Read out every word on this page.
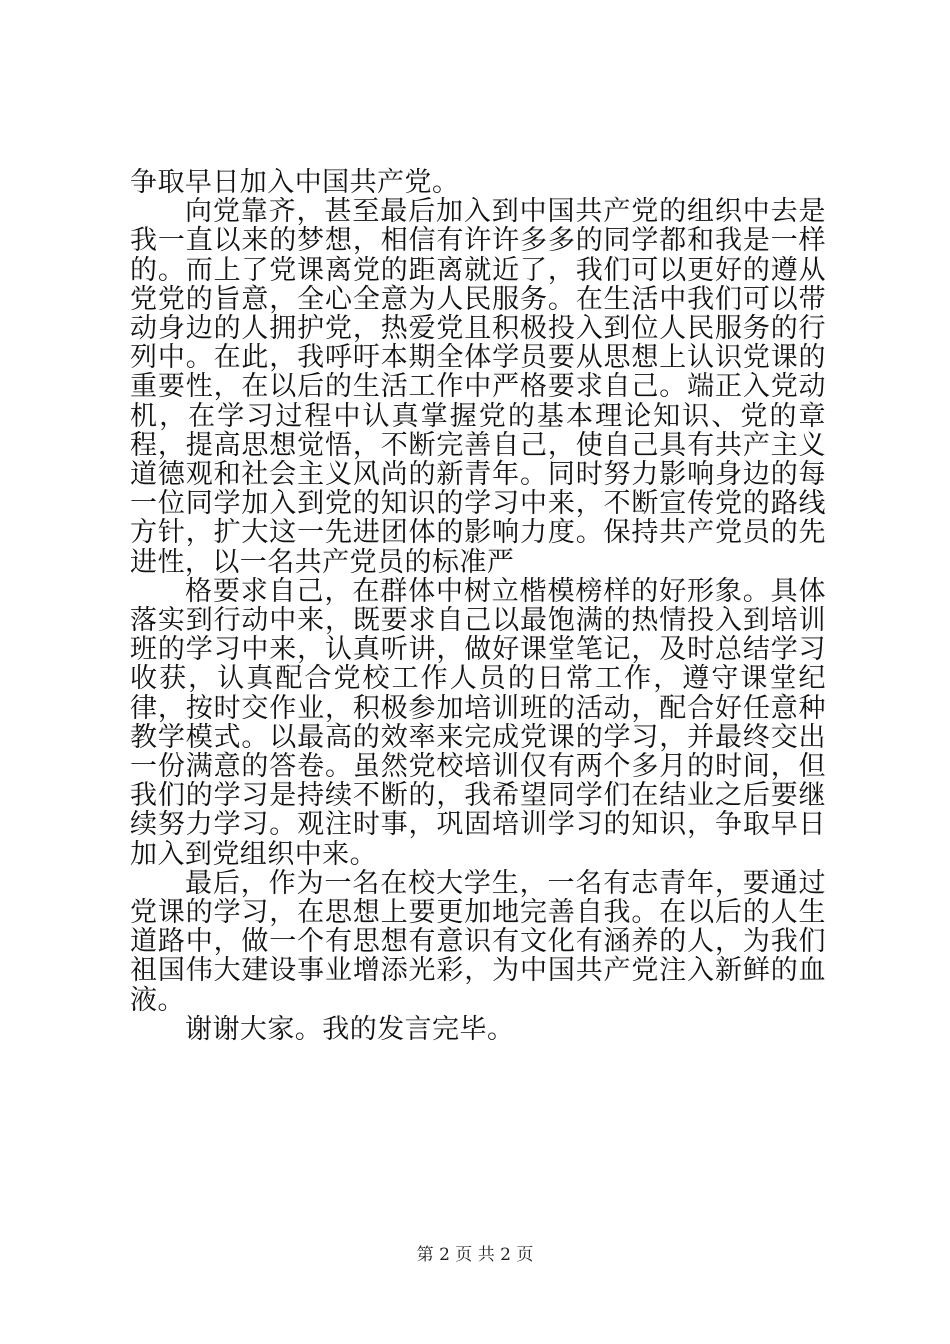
争取早日加入中国共产党。

向党靠齐，甚至最后加入到中国共产党的组织中去是我一直以来的梦想，相信有许许多多的同学都和我是一样的。而上了党课离党的距离就近了，我们可以更好的遵从党党的旨意，全心全意为人民服务。在生活中我们可以带动身边的人拥护党，热爱党且积极投入到位人民服务的行列中。在此，我呼吁本期全体学员要从思想上认识党课的重要性，在以后的生活工作中严格要求自己。端正入党动机，在学习过程中认真掌握党的基本理论知识、党的章程，提高思想觉悟，不断完善自己，使自己具有共产主义道德观和社会主义风尚的新青年。同时努力影响身边的每一位同学加入到党的知识的学习中来，不断宣传党的路线方针，扩大这一先进团体的影响力度。保持共产党员的先进性，以一名共产党员的标准严

格要求自己，在群体中树立楷模榜样的好形象。具体落实到行动中来，既要求自己以最饱满的热情投入到培训班的学习中来，认真听讲，做好课堂笔记，及时总结学习收获，认真配合党校工作人员的日常工作，遵守课堂纪律，按时交作业，积极参加培训班的活动，配合好任意种教学模式。以最高的效率来完成党课的学习，并最终交出一份满意的答卷。虽然党校培训仅有两个多月的时间，但我们的学习是持续不断的，我希望同学们在结业之后要继续努力学习。观注时事，巩固培训学习的知识，争取早日加入到党组织中来。

最后，作为一名在校大学生，一名有志青年，要通过党课的学习，在思想上要更加地完善自我。在以后的人生道路中，做一个有思想有意识有文化有涵养的人，为我们祖国伟大建设事业增添光彩，为中国共产党注入新鲜的血液。

谢谢大家。我的发言完毕。

第 2 页 共 2 页
